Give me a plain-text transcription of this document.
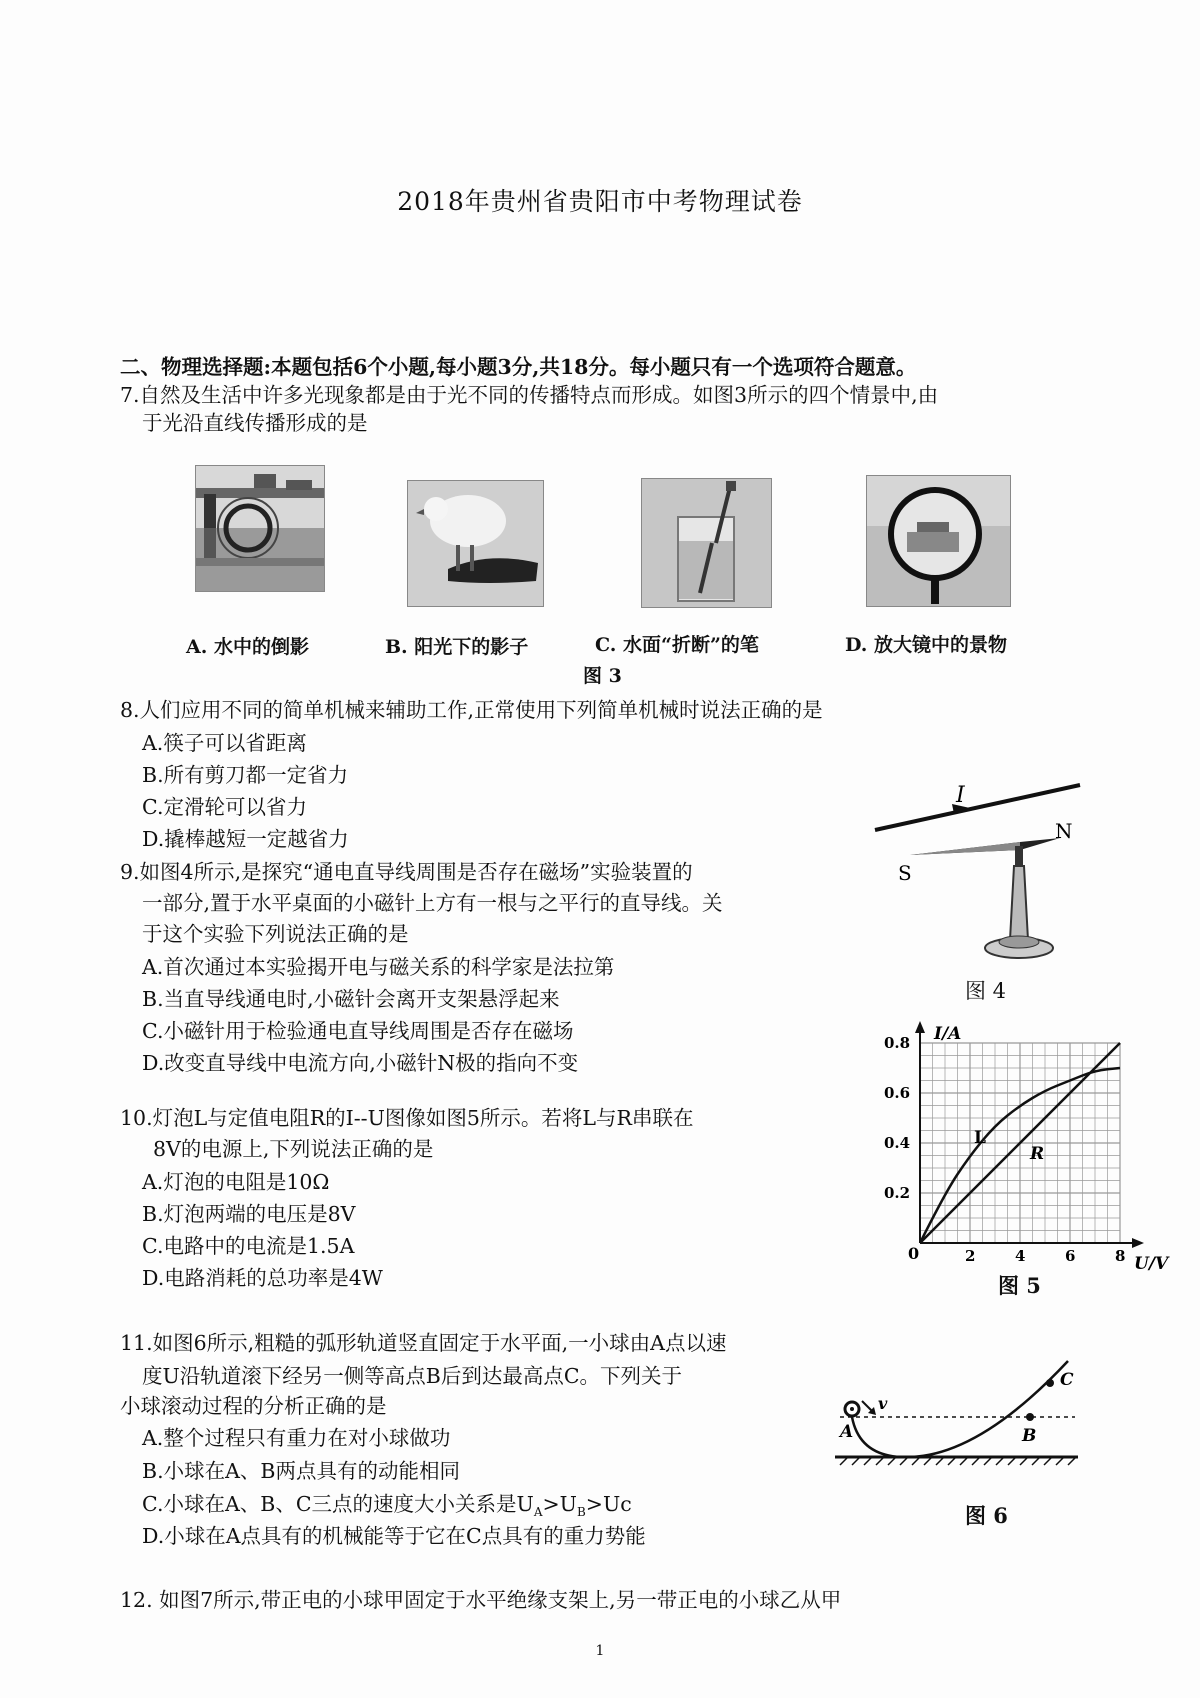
2018年贵州省贵阳市中考物理试卷
二、物理选择题:本题包括6个小题,每小题3分,共18分。每小题只有一个选项符合题意。
7.自然及生活中许多光现象都是由于光不同的传播特点而形成。如图3所示的四个情景中,由
于光沿直线传播形成的是
A. 水中的倒影	B. 阳光下的影子	C. 水面“折断”的笔	D. 放大镜中的景物
图 3
8.人们应用不同的简单机械来辅助工作,正常使用下列简单机械时说法正确的是
A.筷子可以省距离
B.所有剪刀都一定省力
C.定滑轮可以省力
D.撬棒越短一定越省力
9.如图4所示,是探究“通电直导线周围是否存在磁场”实验装置的
一部分,置于水平桌面的小磁针上方有一根与之平行的直导线。关
于这个实验下列说法正确的是
A.首次通过本实验揭开电与磁关系的科学家是法拉第
B.当直导线通电时,小磁针会离开支架悬浮起来
C.小磁针用于检验通电直导线周围是否存在磁场
D.改变直导线中电流方向,小磁针N极的指向不变
I
N
S
图 4
10.灯泡L与定值电阻R的I--U图像如图5所示。若将L与R串联在
8V的电源上,下列说法正确的是
A.灯泡的电阻是10Ω
B.灯泡两端的电压是8V
C.电路中的电流是1.5A
D.电路消耗的总功率是4W
I/A
U/V
0	2	4	6	8
0.2
0.4
0.6
0.8
L
R
图 5
11.如图6所示,粗糙的弧形轨道竖直固定于水平面,一小球由A点以速
度U沿轨道滚下经另一侧等高点B后到达最高点C。下列关于
小球滚动过程的分析正确的是
A.整个过程只有重力在对小球做功
B.小球在A、B两点具有的动能相同
C.小球在A、B、C三点的速度大小关系是$U_A>U_B>Uc$
D.小球在A点具有的机械能等于它在C点具有的重力势能
v
A	B
C
图 6
12. 如图7所示,带正电的小球甲固定于水平绝缘支架上,另一带正电的小球乙从甲
1
